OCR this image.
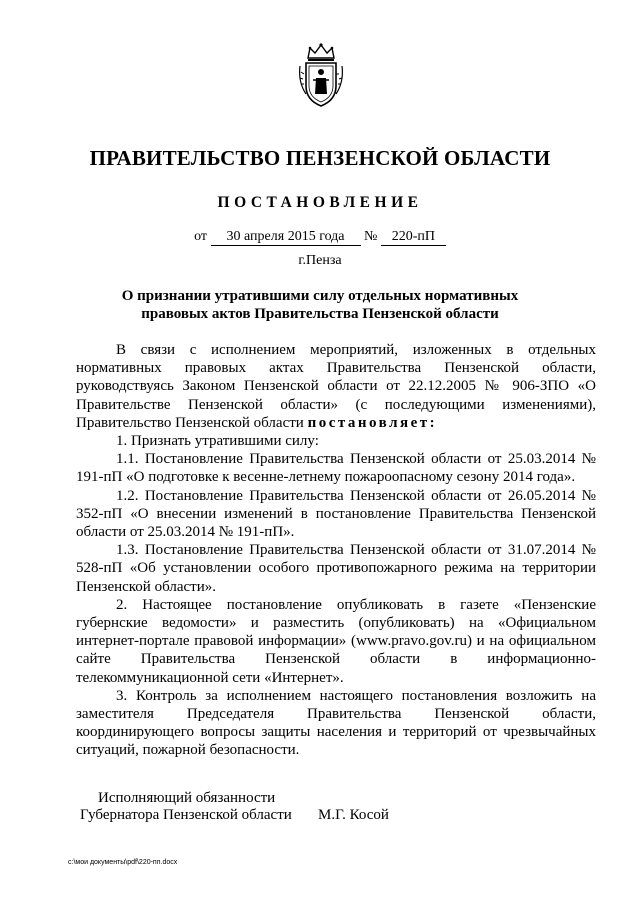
ПРАВИТЕЛЬСТВО ПЕНЗЕНСКОЙ ОБЛАСТИ
ПОСТАНОВЛЕНИЕ
от 30 апреля 2015 года № 220-пП
г.Пенза
О признании утратившими силу отдельных нормативных
правовых актов Правительства Пензенской области

В связи с исполнением мероприятий, изложенных в отдельных нормативных правовых актах Правительства Пензенской области, руководствуясь Законом Пензенской области от 22.12.2005 № 906-ЗПО «О Правительстве Пензенской области» (с последующими изменениями), Правительство Пензенской области постановляет:

1. Признать утратившими силу:

1.1. Постановление Правительства Пензенской области от 25.03.2014 № 191-пП «О подготовке к весенне-летнему пожароопасному сезону 2014 года».

1.2. Постановление Правительства Пензенской области от 26.05.2014 № 352-пП «О внесении изменений в постановление Правительства Пензенской области от 25.03.2014 № 191-пП».

1.3. Постановление Правительства Пензенской области от 31.07.2014 № 528-пП «Об установлении особого противопожарного режима на территории Пензенской области».

2. Настоящее постановление опубликовать в газете «Пензенские губернские ведомости» и разместить (опубликовать) на «Официальном интернет-портале правовой информации» (www.pravo.gov.ru) и на официальном сайте Правительства Пензенской области в информационно-телекоммуникационной сети «Интернет».

3. Контроль за исполнением настоящего постановления возложить на заместителя Председателя Правительства Пензенской области, координирующего вопросы защиты населения и территорий от чрезвычайных ситуаций, пожарной безопасности.

Исполняющий обязанности
Губернатора Пензенской области М.Г. Косой
c:\мои документы\pdf\220-пп.docx
